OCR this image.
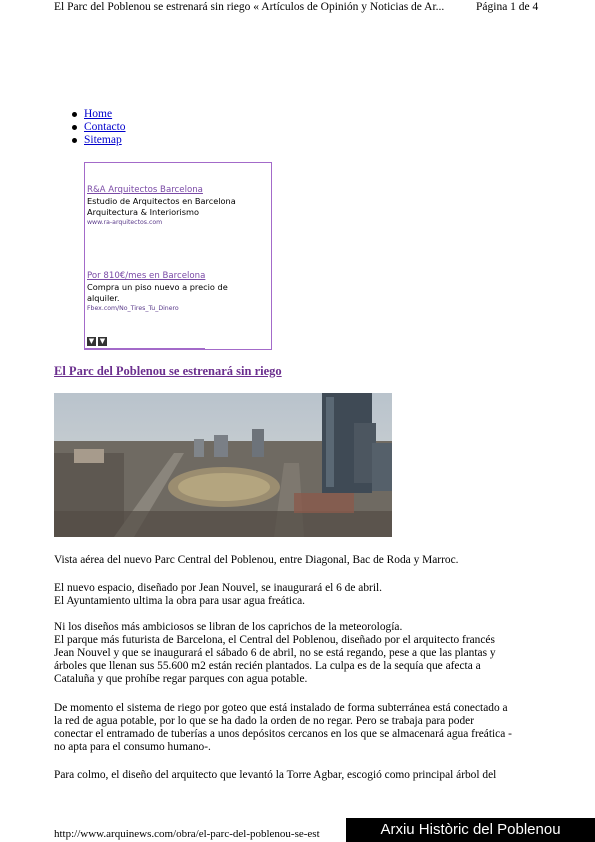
El Parc del Poblenou se estrenará sin riego « Artículos de Opinión y Noticias de Ar...	Página 1 de 4
Home
Contacto
Sitemap
R&A Arquitectos Barcelona
Estudio de Arquitectos en Barcelona
Arquitectura & Interiorismo
www.ra-arquitectos.com
Por 810€/mes en Barcelona
Compra un piso nuevo a precio de
alquiler.
Fbex.com/No_Tires_Tu_Dinero
▼ ▼
El Parc del Poblenou se estrenará sin riego
Vista aérea del nuevo Parc Central del Poblenou, entre Diagonal, Bac de Roda y Marroc.
El nuevo espacio, diseñado por Jean Nouvel, se inaugurará el 6 de abril.
El Ayuntamiento ultima la obra para usar agua freática.
Ni los diseños más ambiciosos se libran de los caprichos de la meteorología.
El parque más futurista de Barcelona, el Central del Poblenou, diseñado por el arquitecto francés
Jean Nouvel y que se inaugurará el sábado 6 de abril, no se está regando, pese a que las plantas y
árboles que llenan sus 55.600 m2 están recién plantados. La culpa es de la sequía que afecta a
Cataluña y que prohíbe regar parques con agua potable.
De momento el sistema de riego por goteo que está instalado de forma subterránea está conectado a
la red de agua potable, por lo que se ha dado la orden de no regar. Pero se trabaja para poder
conectar el entramado de tuberías a unos depósitos cercanos en los que se almacenará agua freática -
no apta para el consumo humano-.
Para colmo, el diseño del arquitecto que levantó la Torre Agbar, escogió como principal árbol del
http://www.arquinews.com/obra/el-parc-del-poblenou-se-est	Arxiu Històric del Poblenou
